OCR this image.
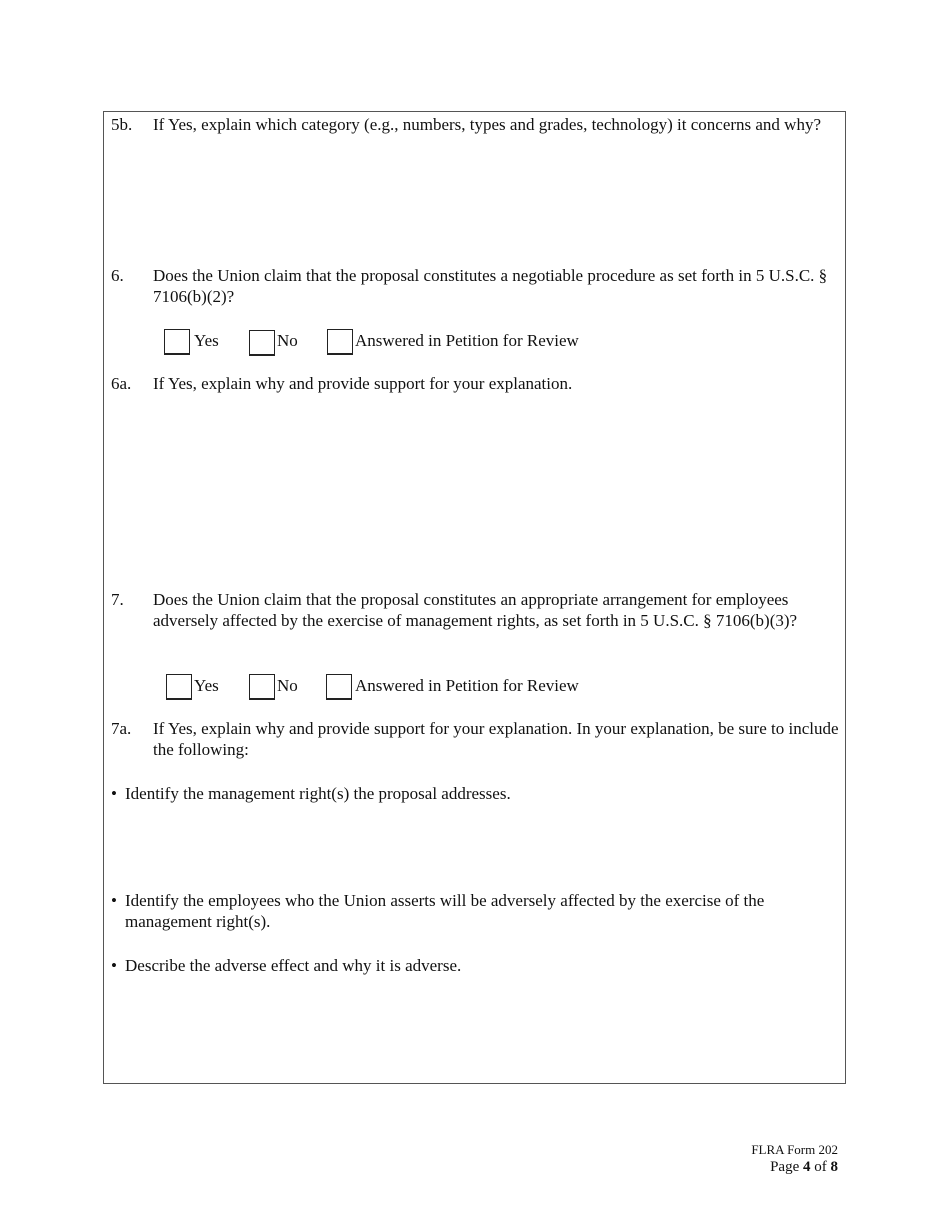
5b. If Yes, explain which category (e.g., numbers, types and grades, technology) it concerns and why?
6. Does the Union claim that the proposal constitutes a negotiable procedure as set forth in 5 U.S.C. § 7106(b)(2)?
Yes	No	Answered in Petition for Review
6a. If Yes, explain why and provide support for your explanation.
7. Does the Union claim that the proposal constitutes an appropriate arrangement for employees adversely affected by the exercise of management rights, as set forth in 5 U.S.C. § 7106(b)(3)?
Yes	No	Answered in Petition for Review
7a. If Yes, explain why and provide support for your explanation. In your explanation, be sure to include the following:
• Identify the management right(s) the proposal addresses.
• Identify the employees who the Union asserts will be adversely affected by the exercise of the management right(s).
• Describe the adverse effect and why it is adverse.
FLRA Form 202
Page 4 of 8
